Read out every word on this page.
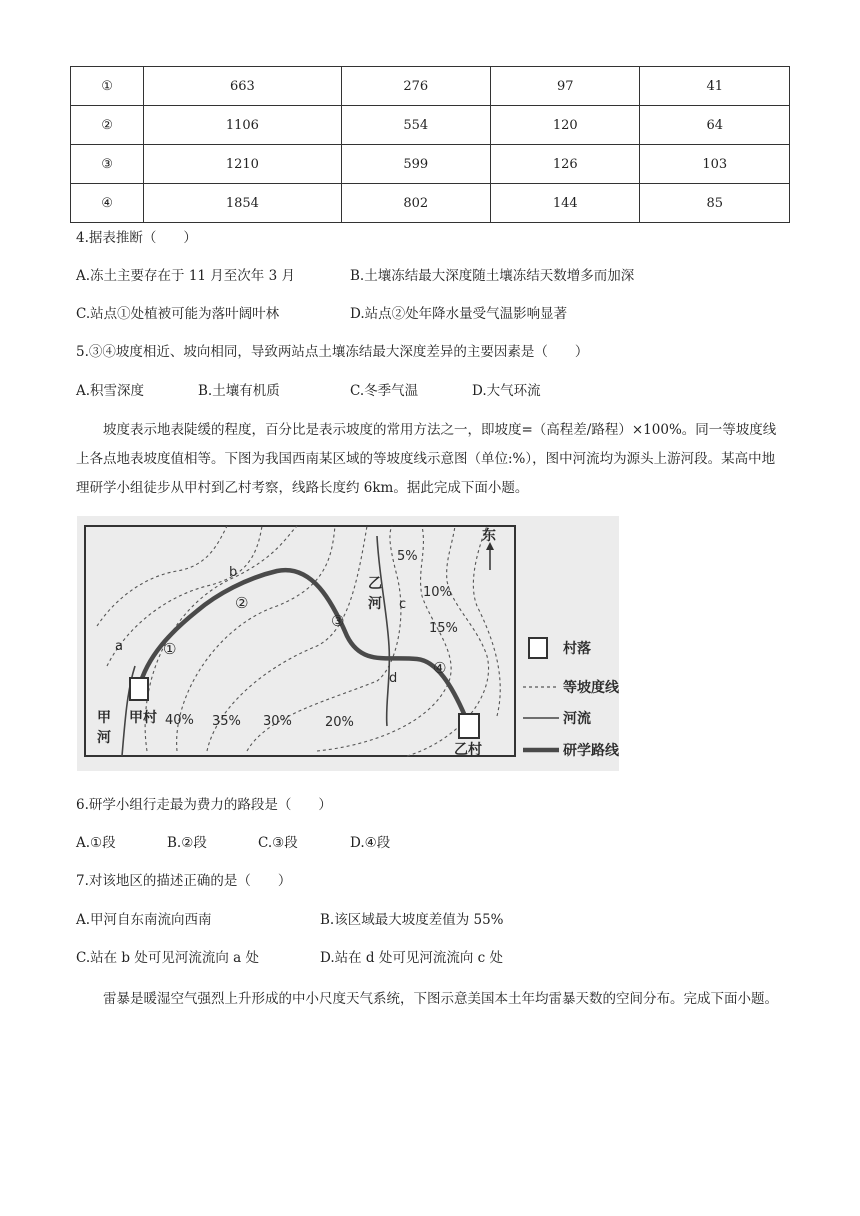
①	663	276	97	41
②	1106	554	120	64
③	1210	599	126	103
④	1854	802	144	85
4.据表推断（　　）
A.冻土主要存在于 11 月至次年 3 月	B.土壤冻结最大深度随土壤冻结天数增多而加深
C.站点①处植被可能为落叶阔叶林	D.站点②处年降水量受气温影响显著
5.③④坡度相近、坡向相同，导致两站点土壤冻结最大深度差异的主要因素是（　　）
A.积雪深度	B.土壤有机质	C.冬季气温	D.大气环流
坡度表示地表陡缓的程度，百分比是表示坡度的常用方法之一，即坡度=（高程差/路程）×100%。同一等坡度线上各点地表坡度值相等。下图为我国西南某区域的等坡度线示意图（单位:%），图中河流均为源头上游河段。某高中地理研学小组徒步从甲村到乙村考察，线路长度约 6km。据此完成下面小题。
5%
10%
15%
20%
30%
35%
40%
①
②
③
④
a
b
c
d
甲村
乙村
甲
河
乙
河
东
村落
等坡度线
河流
研学路线
6.研学小组行走最为费力的路段是（　　）
A.①段	B.②段	C.③段	D.④段
7.对该地区的描述正确的是（　　）
A.甲河自东南流向西南	B.该区域最大坡度差值为 55%
C.站在 b 处可见河流流向 a 处	D.站在 d 处可见河流流向 c 处
雷暴是暖湿空气强烈上升形成的中小尺度天气系统，下图示意美国本土年均雷暴天数的空间分布。完成下面小题。
